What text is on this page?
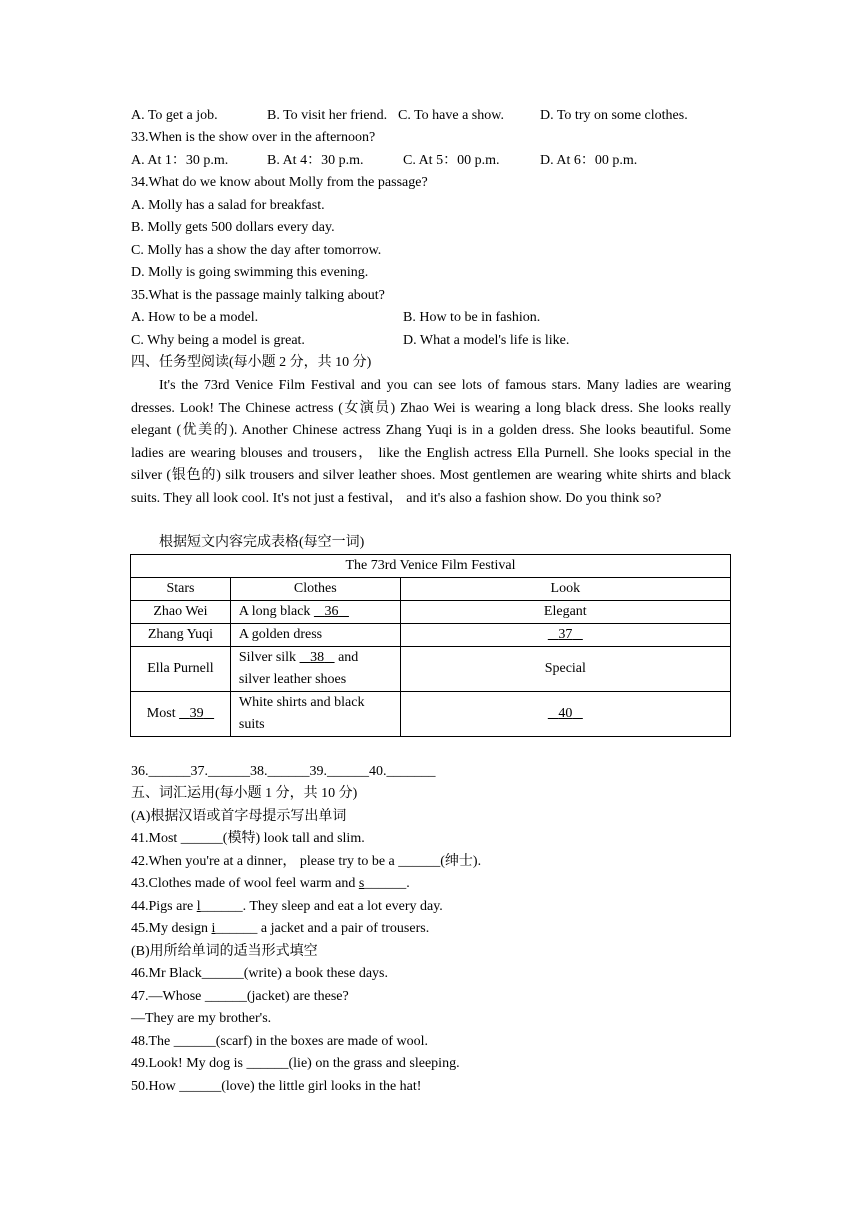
A. To get a job.	B. To visit her friend. C. To have a show.	D. To try on some clothes.
33.When is the show over in the afternoon?
A. At 1：30 p.m.	B. At 4：30 p.m.	C. At 5：00 p.m.	D. At 6：00 p.m.
34.What do we know about Molly from the passage?
A. Molly has a salad for breakfast.
B. Molly gets 500 dollars every day.
C. Molly has a show the day after tomorrow.
D. Molly is going swimming this evening.
35.What is the passage mainly talking about?
A. How to be a model.	B. How to be in fashion.
C. Why being a model is great.	D. What a model's life is like.
四、任务型阅读(每小题 2 分，共 10 分)

It's the 73rd Venice Film Festival and you can see lots of famous stars. Many ladies are wearing dresses. Look! The Chinese actress (女演员) Zhao Wei is wearing a long black dress. She looks really elegant (优美的). Another Chinese actress Zhang Yuqi is in a golden dress. She looks beautiful. Some ladies are wearing blouses and trousers， like the English actress Ella Purnell. She looks special in the silver (银色的) silk trousers and silver leather shoes. Most gentlemen are wearing white shirts and black suits. They all look cool. It's not just a festival， and it's also a fashion show. Do you think so?

根据短文内容完成表格(每空一词)
The 73rd Venice Film Festival		
Stars	Clothes	Look
Zhao Wei	A long black    36	Elegant
Zhang Yuqi	A golden dress	37
Ella Purnell	Silver silk    38    and silver leather shoes	Special
Most    39	White shirts and black suits	40
36.______37.______38.______39.______40._______
五、词汇运用(每小题 1 分，共 10 分)
(A)根据汉语或首字母提示写出单词
41.Most ______(模特) look tall and slim.
42.When you're at a dinner， please try to be a ______(绅士).
43.Clothes made of wool feel warm and s______.
44.Pigs are l______. They sleep and eat a lot every day.
45.My design i______ a jacket and a pair of trousers.
(B)用所给单词的适当形式填空
46.Mr Black______(write) a book these days.
47.—Whose ______(jacket) are these?
—They are my brother's.
48.The ______(scarf) in the boxes are made of wool.
49.Look! My dog is ______(lie) on the grass and sleeping.
50.How ______(love) the little girl looks in the hat!
